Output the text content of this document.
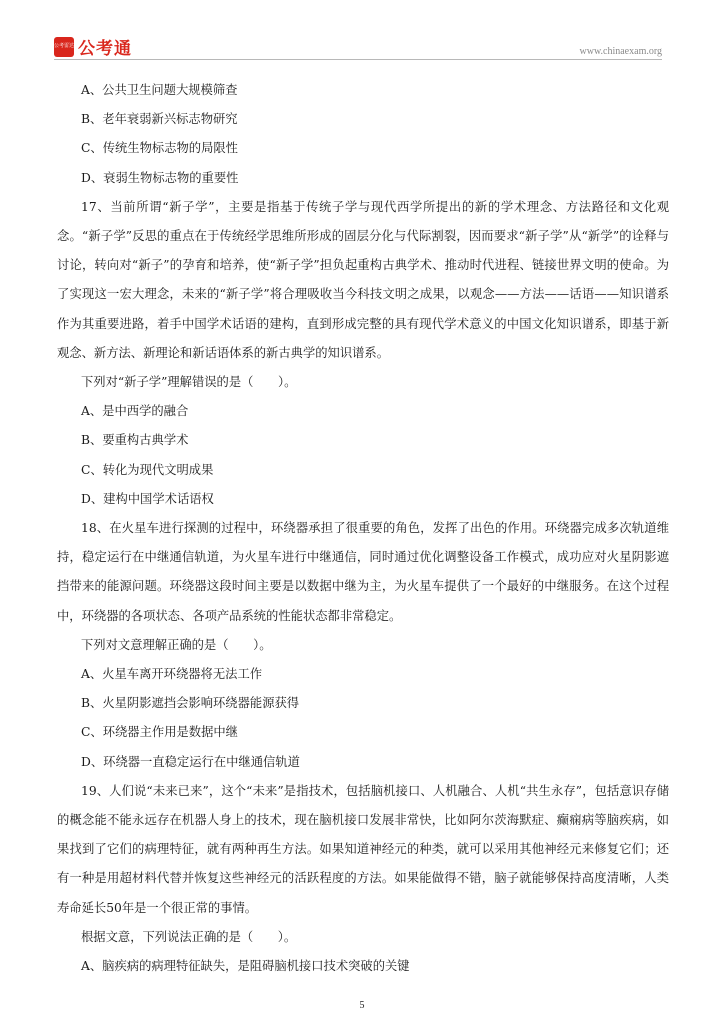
公考雷达 公考通	www.chinaexam.org

A、公共卫生问题大规模筛查

B、老年衰弱新兴标志物研究

C、传统生物标志物的局限性

D、衰弱生物标志物的重要性

17、当前所谓“新子学”，主要是指基于传统子学与现代西学所提出的新的学术理念、方法路径和文化观念。“新子学”反思的重点在于传统经学思维所形成的固层分化与代际割裂，因而要求“新子学”从“新学”的诠释与讨论，转向对“新子”的孕育和培养，使“新子学”担负起重构古典学术、推动时代进程、链接世界文明的使命。为了实现这一宏大理念，未来的“新子学”将合理吸收当今科技文明之成果，以观念——方法——话语——知识谱系作为其重要进路，着手中国学术话语的建构，直到形成完整的具有现代学术意义的中国文化知识谱系，即基于新观念、新方法、新理论和新话语体系的新古典学的知识谱系。

下列对“新子学”理解错误的是（　　）。

A、是中西学的融合

B、要重构古典学术

C、转化为现代文明成果

D、建构中国学术话语权

18、在火星车进行探测的过程中，环绕器承担了很重要的角色，发挥了出色的作用。环绕器完成多次轨道维持，稳定运行在中继通信轨道，为火星车进行中继通信，同时通过优化调整设备工作模式，成功应对火星阴影遮挡带来的能源问题。环绕器这段时间主要是以数据中继为主，为火星车提供了一个最好的中继服务。在这个过程中，环绕器的各项状态、各项产品系统的性能状态都非常稳定。

下列对文意理解正确的是（　　）。

A、火星车离开环绕器将无法工作

B、火星阴影遮挡会影响环绕器能源获得

C、环绕器主作用是数据中继

D、环绕器一直稳定运行在中继通信轨道

19、人们说“未来已来”，这个“未来”是指技术，包括脑机接口、人机融合、人机“共生永存”，包括意识存储的概念能不能永远存在机器人身上的技术，现在脑机接口发展非常快，比如阿尔茨海默症、癫痫病等脑疾病，如果找到了它们的病理特征，就有两种再生方法。如果知道神经元的种类，就可以采用其他神经元来修复它们；还有一种是用超材料代替并恢复这些神经元的活跃程度的方法。如果能做得不错，脑子就能够保持高度清晰，人类寿命延长50年是一个很正常的事情。

根据文意，下列说法正确的是（　　）。

A、脑疾病的病理特征缺失，是阻碍脑机接口技术突破的关键

5
